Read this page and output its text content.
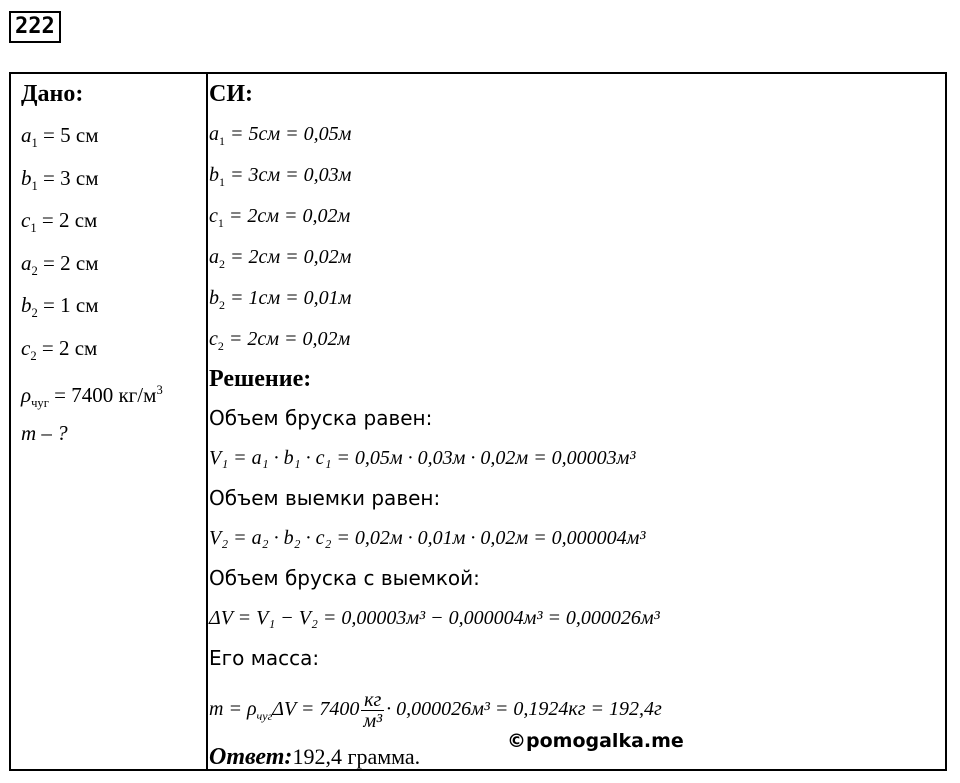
222
Дано:
$a_1 = 5$ см
$b_1 = 3$ см
$c_1 = 2$ см
$a_2 = 2$ см
$b_2 = 1$ см
$c_2 = 2$ см
$\rho_{чуг} = 7400$ $кг/м^3$
m – ?
СИ:
$a_1 = 5см = 0,05м$
$b_1 = 3см = 0,03м$
$c_1 = 2см = 0,02м$
$a_2 = 2см = 0,02м$
$b_2 = 1см = 0,01м$
$c_2 = 2см = 0,02м$
Решение:
Объем бруска равен:
V₁ = a₁ · b₁ · c₁ = 0,05м · 0,03м · 0,02м = 0,00003м³
Объем выемки равен:
V₂ = a₂ · b₂ · c₂ = 0,02м · 0,01м · 0,02м = 0,000004м³
Объем бруска с выемкой:
ΔV = V₁ − V₂ = 0,00003м³ − 0,000004м³ = 0,000026м³
Его масса:
$m = \rho_{чуг}\Delta V = 7400 \frac{кг}{\text{м³}} \cdot 0,000026м^3 = 0,1924кг = 192,4г$
Ответ:192,4 грамма.
©pomogalka.me
